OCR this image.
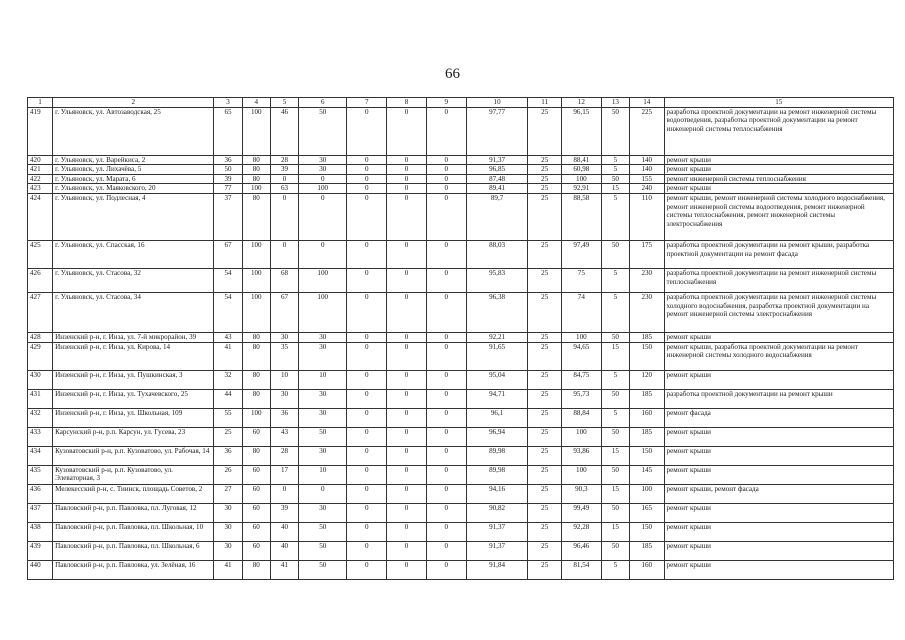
66
1	2	3	4	5	6	7	8	9	10	11	12	13	14	15
419	г. Ульяновск, ул. Автозаводская, 25	65	100	46	50	0	0	0	97,77	25	96,15	50	225	разработка проектной документации на ремонт инженерной системы водоотведения, разработка проектной документации на ремонт инженерной системы теплоснабжения
420	г. Ульяновск, ул. Варейкиса, 2	36	80	28	30	0	0	0	91,37	25	88,41	5	140	ремонт крыши
421	г. Ульяновск, ул. Лихачёва, 5	50	80	39	30	0	0	0	96,85	25	60,98	5	140	ремонт крыши
422	г. Ульяновск, ул. Марата, 6	39	80	0	0	0	0	0	87,48	25	100	50	155	ремонт инженерной системы теплоснабжения
423	г. Ульяновск, ул. Маяковского, 20	77	100	63	100	0	0	0	89,41	25	92,91	15	240	ремонт крыши
424	г. Ульяновск, ул. Подлесная, 4	37	80	0	0	0	0	0	89,7	25	88,58	5	110	ремонт крыши, ремонт инженерной системы холодного водоснабжения, ремонт инженерной системы водоотведения, ремонт инженерной системы теплоснабжения, ремонт инженерной системы электроснабжения
425	г. Ульяновск, ул. Спасская, 16	67	100	0	0	0	0	0	88,03	25	97,49	50	175	разработка проектной документации на ремонт крыши, разработка проектной документации на ремонт фасада
426	г. Ульяновск, ул. Стасова, 32	54	100	68	100	0	0	0	95,83	25	75	5	230	разработка проектной документации на ремонт инженерной системы теплоснабжения
427	г. Ульяновск, ул. Стасова, 34	54	100	67	100	0	0	0	96,38	25	74	5	230	разработка проектной документации на ремонт инженерной системы холодного водоснабжения, разработка проектной документации на ремонт инженерной системы электроснабжения
428	Инзенский р-н, г. Инза, ул. 7-й микрорайон, 39	43	80	30	30	0	0	0	92,21	25	100	50	185	ремонт крыши
429	Инзенский р-н, г. Инза, ул. Кирова, 14	41	80	35	30	0	0	0	91,65	25	94,65	15	150	ремонт крыши, разработка проектной документации на ремонт инженерной системы холодного водоснабжения
430	Инзенский р-н, г. Инза, ул. Пушкинская, 3	32	80	10	10	0	0	0	95,04	25	84,75	5	120	ремонт крыши
431	Инзенский р-н, г. Инза, ул. Тухачевского, 25	44	80	30	30	0	0	0	94,71	25	95,73	50	185	разработка проектной документации на ремонт крыши
432	Инзенский р-н, г. Инза, ул. Школьная, 109	55	100	36	30	0	0	0	96,1	25	88,84	5	160	ремонт фасада
433	Карсунский р-н, р.п. Карсун, ул. Гусева, 23	25	60	43	50	0	0	0	96,94	25	100	50	185	ремонт крыши
434	Кузоватовский р-н, р.п. Кузоватово, ул. Рабочая, 14	36	80	28	30	0	0	0	89,98	25	93,86	15	150	ремонт крыши
435	Кузоватовский р-н, р.п. Кузоватово, ул. Элеваторная, 3	26	60	17	10	0	0	0	89,98	25	100	50	145	ремонт крыши
436	Мелекесский р-н, с. Тиинск, площадь Советов, 2	27	60	0	0	0	0	0	94,16	25	90,3	15	100	ремонт крыши, ремонт фасада
437	Павловский р-н, р.п. Павловка, пл. Луговая, 12	30	60	39	30	0	0	0	90,82	25	99,49	50	165	ремонт крыши
438	Павловский р-н, р.п. Павловка, пл. Школьная, 10	30	60	40	50	0	0	0	91,37	25	92,28	15	150	ремонт крыши
439	Павловский р-н, р.п. Павловка, пл. Школьная, 6	30	60	40	50	0	0	0	91,37	25	96,46	50	185	ремонт крыши
440	Павловский р-н, р.п. Павловка, ул. Зелёная, 16	41	80	41	50	0	0	0	91,84	25	81,54	5	160	ремонт крыши
